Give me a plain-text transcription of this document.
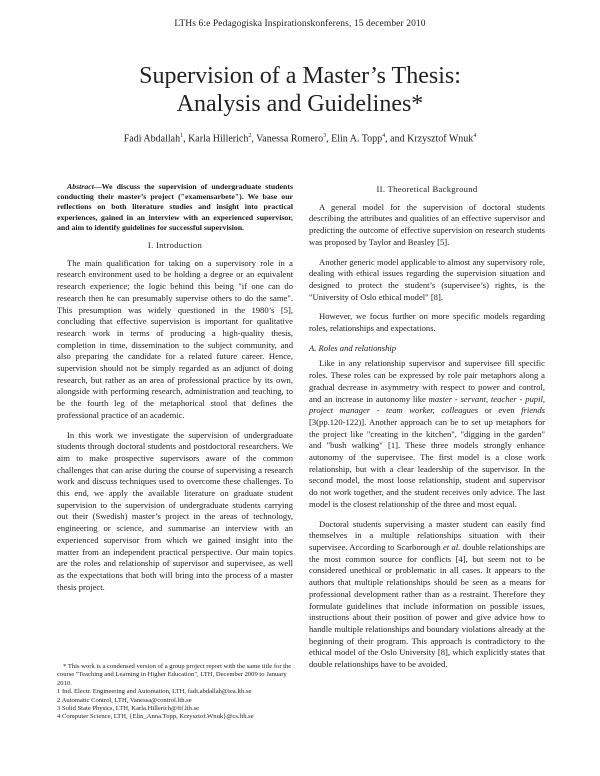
LTHs 6:e Pedagogiska Inspirationskonferens, 15 december 2010
Supervision of a Master’s Thesis:
Analysis and Guidelines*
Fadi Abdallah$^1$, Karla Hillerich$^2$, Vanessa Romero$^3$, Elin A. Topp$^4$, and Krzysztof Wnuk$^4$
Abstract—We discuss the supervision of undergraduate students conducting their master’s project ("examensarbete"). We base our reflections on both literature studies and insight into practical experiences, gained in an interview with an experienced supervisor, and aim to identify guidelines for successful supervision.
I. Introduction

The main qualification for taking on a supervisory role in a research environment used to be holding a degree or an equivalent research experience; the logic behind this being "if one can do research then he can presumably supervise others to do the same". This presumption was widely questioned in the 1980’s [5], concluding that effective supervision is important for qualitative research work in terms of producing a high-quality thesis, completion in time, dissemination to the subject community, and also preparing the candidate for a related future career. Hence, supervision should not be simply regarded as an adjunct of doing research, but rather as an area of professional practice by its own, alongside with performing research, administration and teaching, to be the fourth leg of the metaphorical stool that defines the professional practice of an academic.

In this work we investigate the supervision of undergraduate students through doctoral students and postdoctoral researchers. We aim to make prospective supervisors aware of the common challenges that can arise during the course of supervising a research work and discuss techniques used to overcome these challenges. To this end, we apply the available literature on graduate student supervision to the supervision of undergraduate students carrying out their (Swedish) master’s project in the areas of technology, engineering or science, and summarise an interview with an experienced supervisor from which we gained insight into the matter from an independent practical perspective. Our main topics are the roles and relationship of supervisor and supervisee, as well as the expectations that both will bring into the process of a master thesis project.

II. Theoretical Background

A general model for the supervision of doctoral students describing the attributes and qualities of an effective supervisor and predicting the outcome of effective supervision on research students was proposed by Taylor and Beasley [5].

Another generic model applicable to almost any supervisory role, dealing with ethical issues regarding the supervision situation and designed to protect the student’s (supervisee’s) rights, is the "University of Oslo ethical model" [8].

However, we focus further on more specific models regarding roles, relationships and expectations.

A. Roles and relationship

Like in any relationship supervisor and supervisee fill specific roles. These roles can be expressed by role pair metaphors along a gradual decrease in asymmetry with respect to power and control, and an increase in autonomy like master - servant, teacher - pupil, project manager - team worker, colleagues or even friends [3(pp.120-122)]. Another approach can be to set up metaphors for the project like "creating in the kitchen", "digging in the garden" and "bush walking" [1]. These three models strongly enhance autonomy of the supervisee. The first model is a close work relationship, but with a clear leadership of the supervisor. In the second model, the most loose relationship, student and supervisor do not work together, and the student receives only advice. The last model is the closest relationship of the three and most equal.

Doctoral students supervising a master student can easily find themselves in a multiple relationships situation with their supervisee. According to Scarborough et al. double relationships are the most common source for conflicts [4], but seem not to be considered unethical or problematic in all cases. It appears to the authors that multiple relationships should be seen as a means for professional development rather than as a restraint. Therefore they formulate guidelines that include information on possible issues, instructions about their position of power and give advice how to handle multiple relationships and boundary violations already at the beginning of their program. This approach is contradictory to the ethical model of the Oslo University [8], which explicitly states that double relationships have to be avoided.

* This work is a condensed version of a group project report with the same title for the course "Teaching and Learning in Higher Education", LTH, December 2009 to January 2010.
1 Ind. Electr. Engineering and Automation, LTH, fadi.abdallah@iea.lth.se
2 Automatic Control, LTH, Vanessa@control.lth.se
3 Solid State Physics, LTH, Karla.Hillerich@ftf.lth.se
4 Computer Science, LTH, {Elin_Anna.Topp, Krzysztof.Wnuk}@cs.lth.se
